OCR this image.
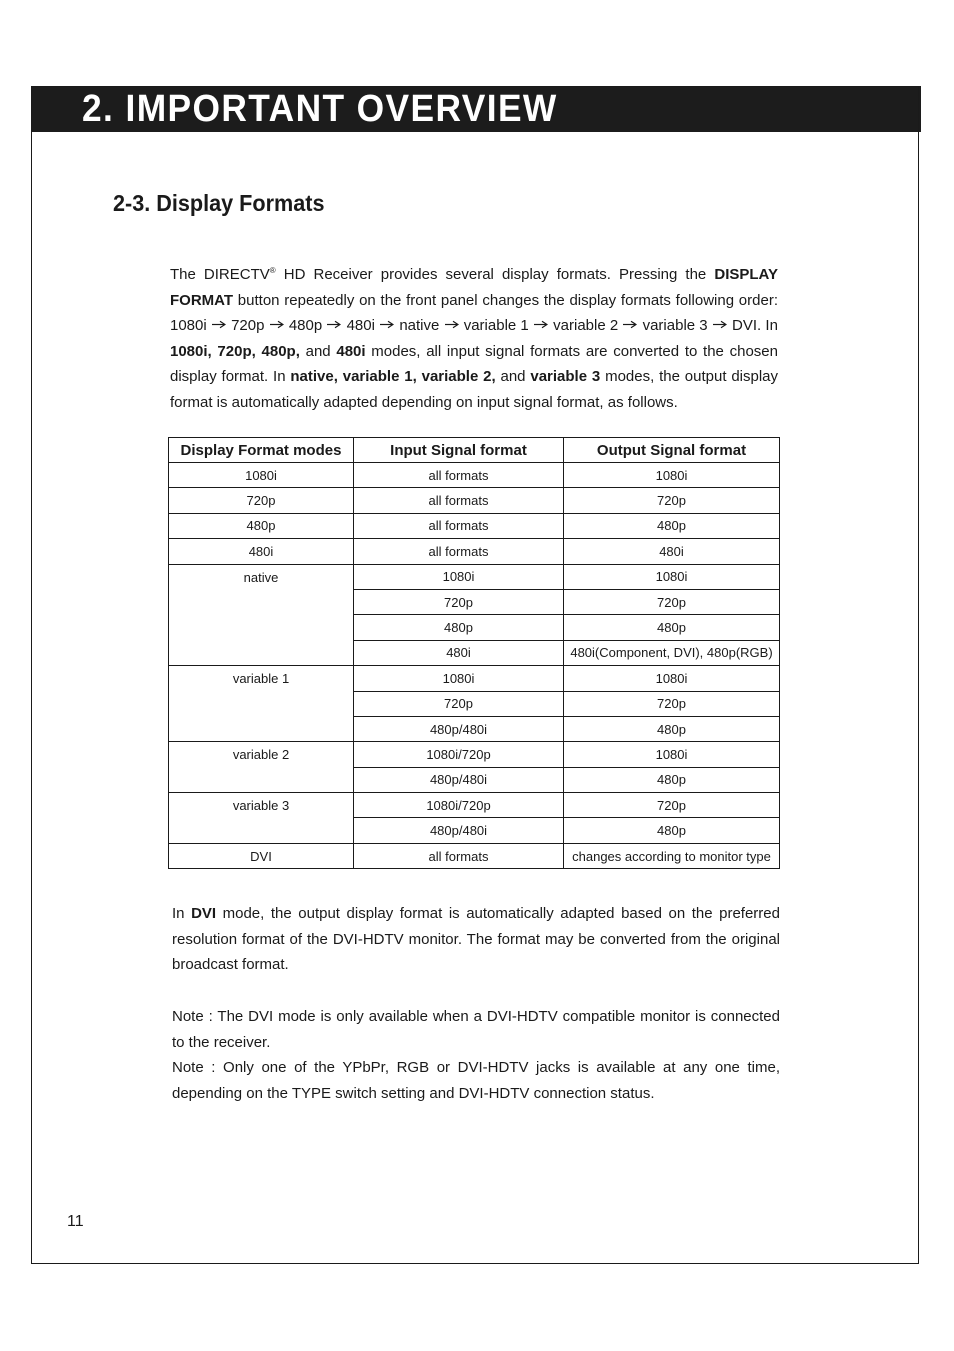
2. IMPORTANT OVERVIEW
2-3. Display Formats

The DIRECTV® HD Receiver provides several display formats. Pressing the DISPLAY FORMAT button repeatedly on the front panel changes the display formats following order: 1080i 720p 480p 480i native variable 1 variable 2 variable 3 DVI. In 1080i, 720p, 480p, and 480i modes, all input signal formats are converted to the chosen display format. In native, variable 1, variable 2, and variable 3 modes, the output display format is automatically adapted depending on input signal format, as follows.

Display Format modes	Input Signal format	Output Signal format
1080i	all formats	1080i
720p	all formats	720p
480p	all formats	480p
480i	all formats	480i
native	1080i	1080i
	720p	720p
	480p	480p
	480i	480i(Component, DVI), 480p(RGB)
variable 1	1080i	1080i
	720p	720p
	480p/480i	480p
variable 2	1080i/720p	1080i
	480p/480i	480p
variable 3	1080i/720p	720p
	480p/480i	480p
DVI	all formats	changes according to monitor type

In DVI mode, the output display format is automatically adapted based on the preferred resolution format of the DVI-HDTV monitor. The format may be converted from the original broadcast format.

Note : The DVI mode is only available when a DVI-HDTV compatible monitor is connected to the receiver.

Note : Only one of the YPbPr, RGB or DVI-HDTV jacks is available at any one time, depending on the TYPE switch setting and DVI-HDTV connection status.

11
